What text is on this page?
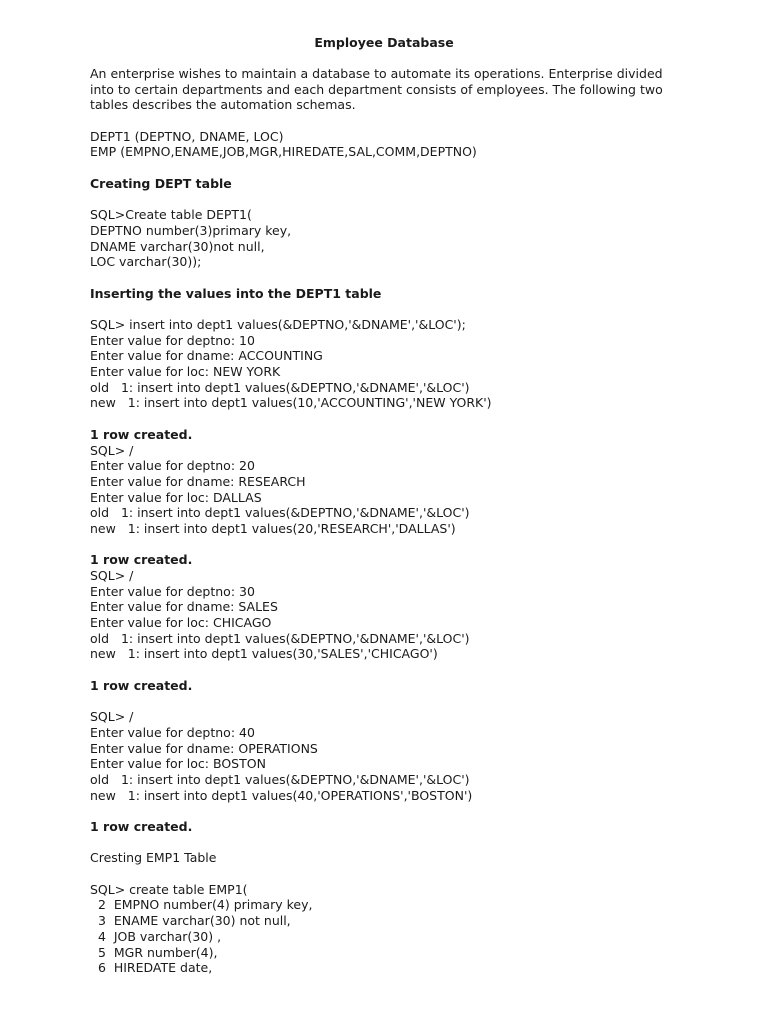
Employee Database
An enterprise wishes to maintain a database to automate its operations. Enterprise divided into to certain departments and each department consists of employees. The following two tables describes the automation schemas.
DEPT1 (DEPTNO, DNAME, LOC)
EMP (EMPNO,ENAME,JOB,MGR,HIREDATE,SAL,COMM,DEPTNO)
Creating DEPT table
SQL>Create table DEPT1(
DEPTNO number(3)primary key,
DNAME varchar(30)not null,
LOC varchar(30));
Inserting the values into the DEPT1 table
SQL> insert into dept1 values(&DEPTNO,'&DNAME','&LOC');
Enter value for deptno: 10
Enter value for dname: ACCOUNTING
Enter value for loc: NEW YORK
old   1: insert into dept1 values(&DEPTNO,'&DNAME','&LOC')
new   1: insert into dept1 values(10,'ACCOUNTING','NEW YORK')
1 row created.
SQL> /
Enter value for deptno: 20
Enter value for dname: RESEARCH
Enter value for loc: DALLAS
old   1: insert into dept1 values(&DEPTNO,'&DNAME','&LOC')
new   1: insert into dept1 values(20,'RESEARCH','DALLAS')
1 row created.
SQL> /
Enter value for deptno: 30
Enter value for dname: SALES
Enter value for loc: CHICAGO
old   1: insert into dept1 values(&DEPTNO,'&DNAME','&LOC')
new   1: insert into dept1 values(30,'SALES','CHICAGO')
1 row created.
SQL> /
Enter value for deptno: 40
Enter value for dname: OPERATIONS
Enter value for loc: BOSTON
old   1: insert into dept1 values(&DEPTNO,'&DNAME','&LOC')
new   1: insert into dept1 values(40,'OPERATIONS','BOSTON')
1 row created.
Cresting EMP1 Table
SQL> create table EMP1(
2  EMPNO number(4) primary key,
3  ENAME varchar(30) not null,
4  JOB varchar(30) ,
5  MGR number(4),
6  HIREDATE date,
